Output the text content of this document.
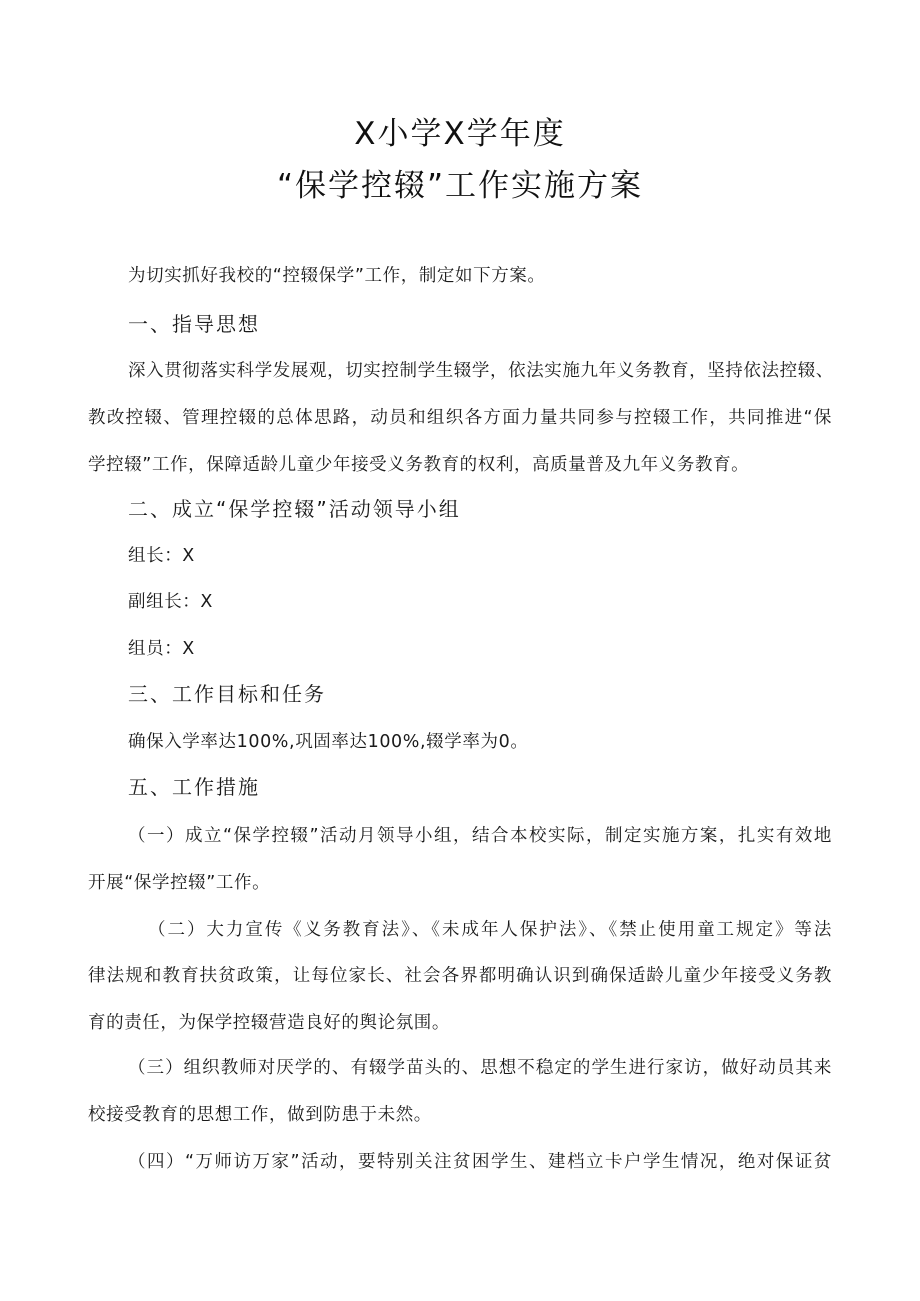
X小学X学年度
“保学控辍”工作实施方案

为切实抓好我校的“控辍保学”工作，制定如下方案。

一、指导思想

深入贯彻落实科学发展观，切实控制学生辍学，依法实施九年义务教育，坚持依法控辍、

教改控辍、管理控辍的总体思路，动员和组织各方面力量共同参与控辍工作，共同推进“保

学控辍”工作，保障适龄儿童少年接受义务教育的权利，高质量普及九年义务教育。

二、成立“保学控辍”活动领导小组

组长：X

副组长：X

组员：X

三、工作目标和任务

确保入学率达100%,巩固率达100%,辍学率为0。

五、工作措施

（一）成立“保学控辍”活动月领导小组，结合本校实际，制定实施方案，扎实有效地

开展“保学控辍”工作。

（二）大力宣传《义务教育法》、《未成年人保护法》、《禁止使用童工规定》等法

律法规和教育扶贫政策，让每位家长、社会各界都明确认识到确保适龄儿童少年接受义务教

育的责任，为保学控辍营造良好的舆论氛围。

（三）组织教师对厌学的、有辍学苗头的、思想不稳定的学生进行家访，做好动员其来

校接受教育的思想工作，做到防患于未然。

（四）“万师访万家”活动，要特别关注贫困学生、建档立卡户学生情况，绝对保证贫
